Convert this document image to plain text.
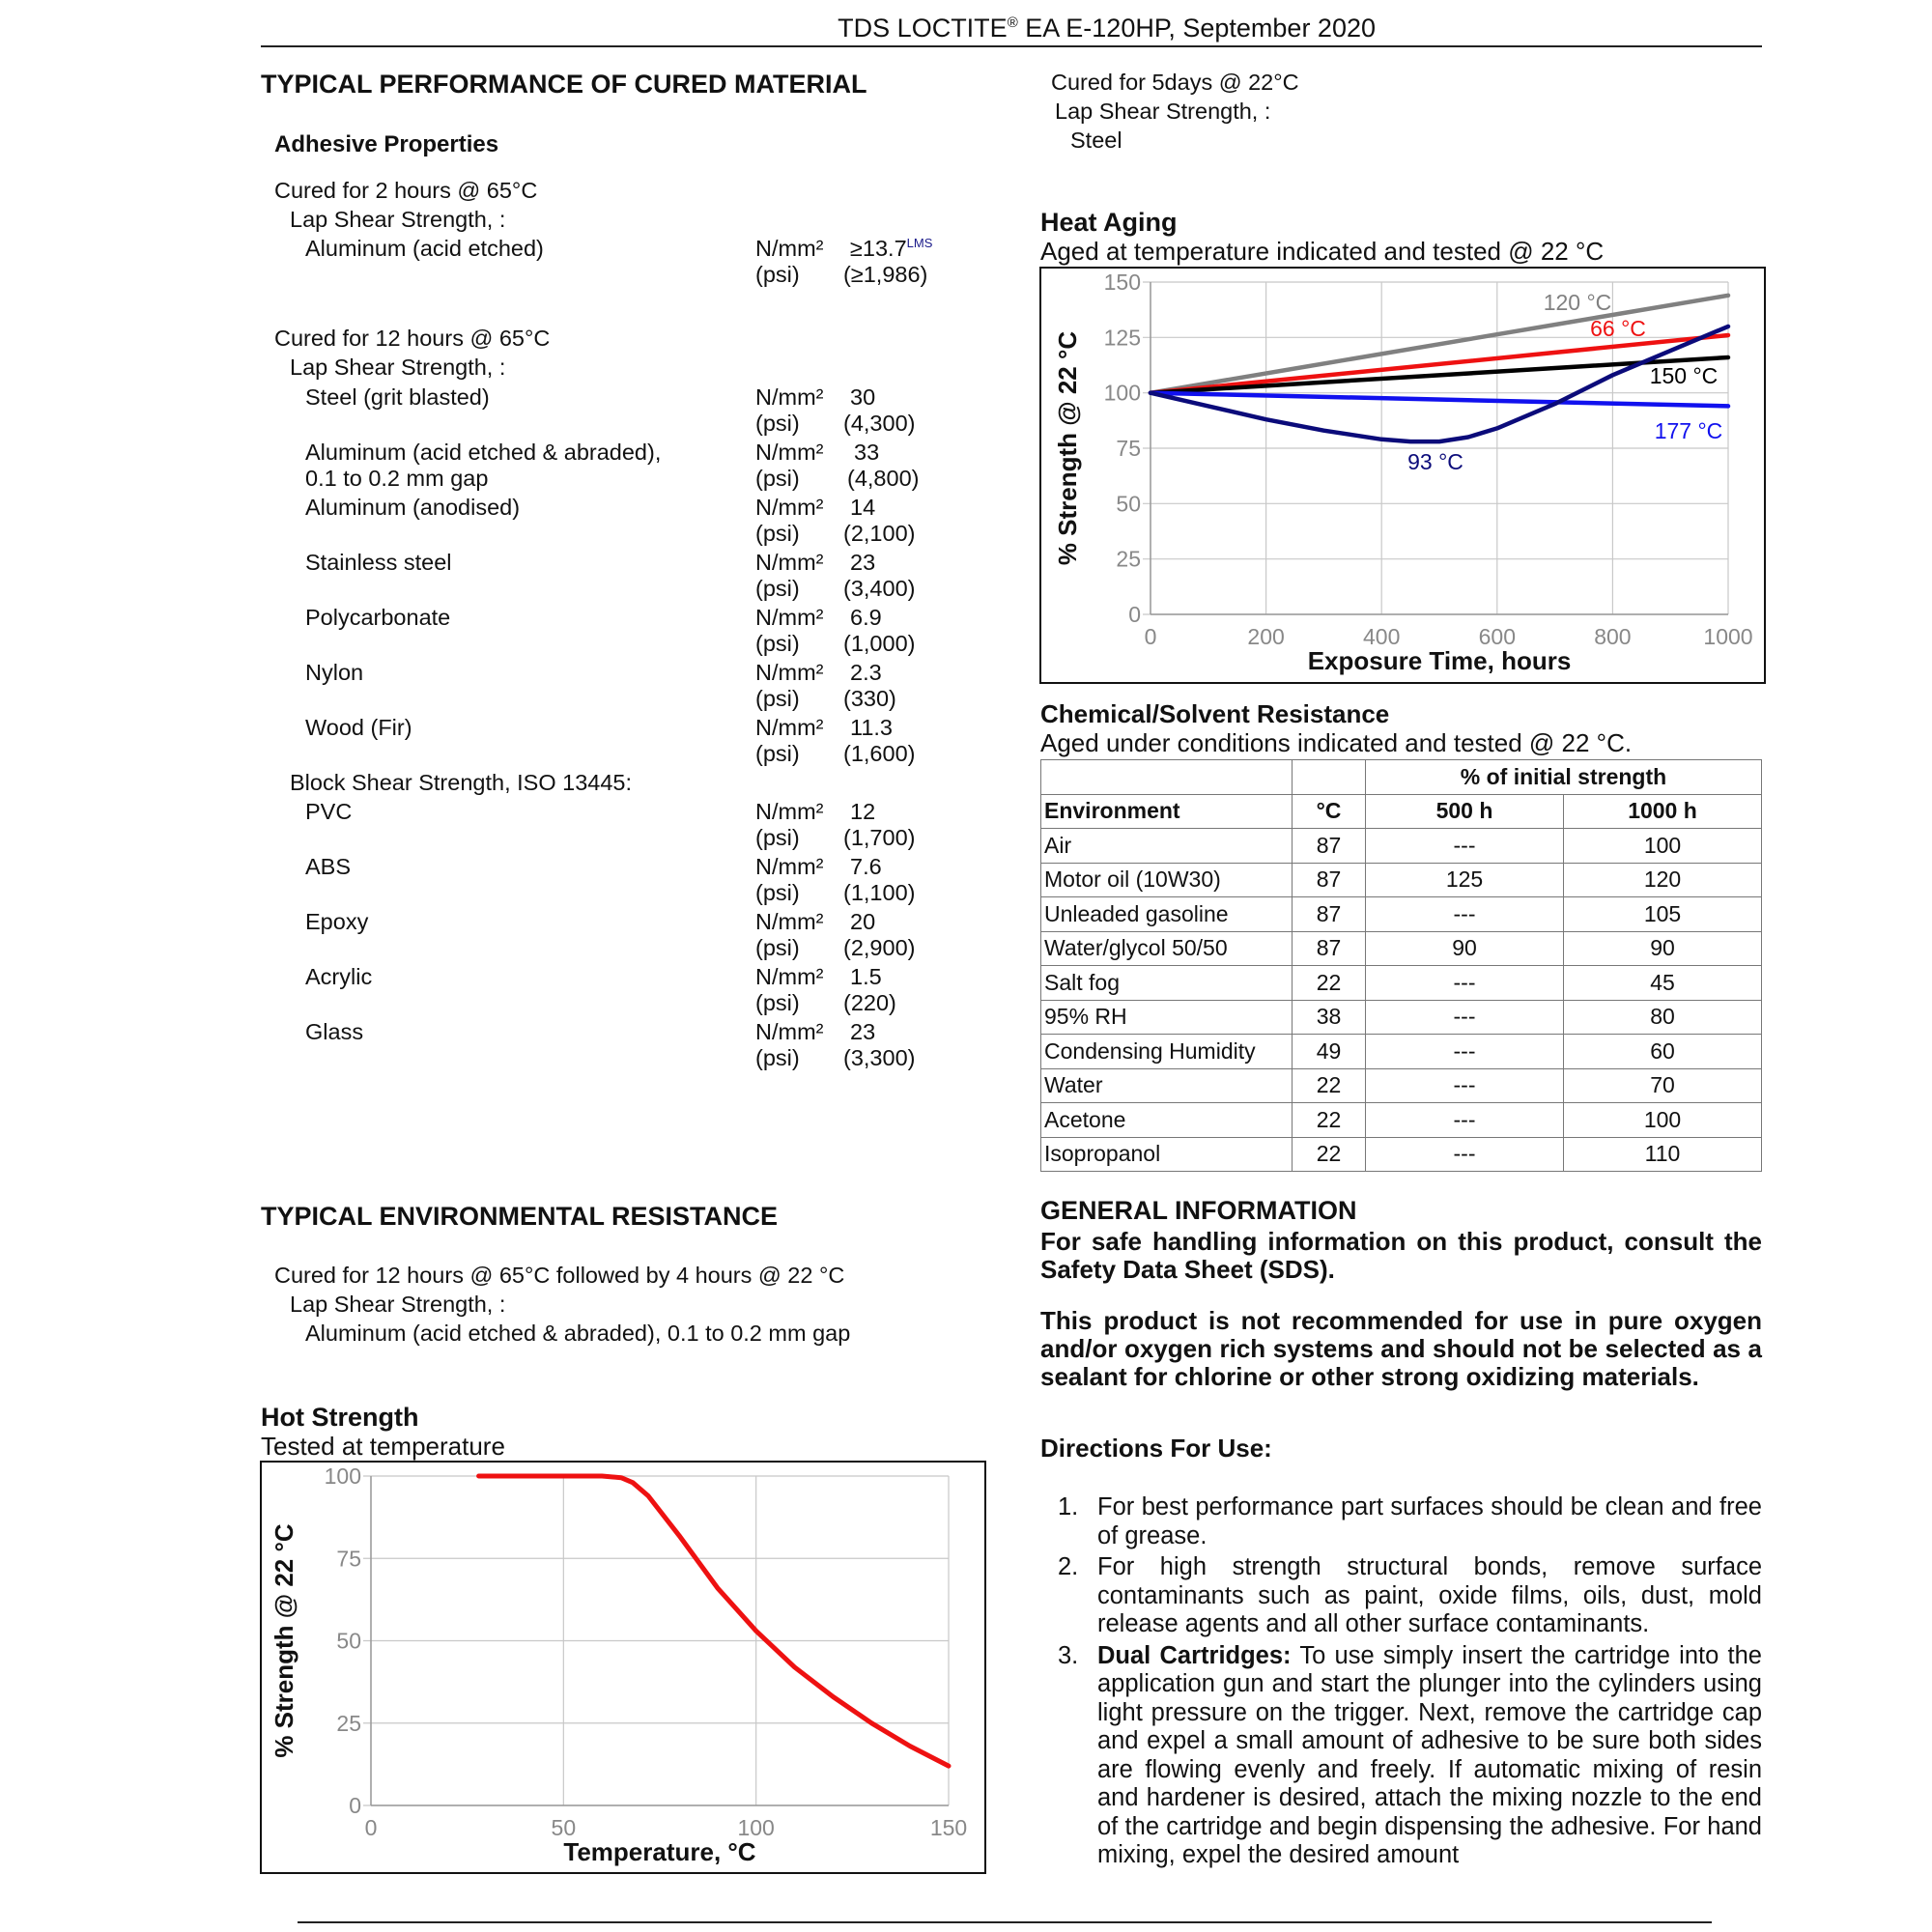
TDS LOCTITE® EA E-120HP, September 2020
TYPICAL PERFORMANCE OF CURED MATERIAL
Adhesive Properties
Cured for 2 hours @ 65°C
Lap Shear Strength, :
Aluminum (acid etched)	$N/mm^2 \ge 13.7^{LMS}$
(psi) (≥1,986)
Cured for 12 hours @ 65°C
Lap Shear Strength, :
Steel (grit blasted)	N/mm² 30
(psi) (4,300)
Aluminum (acid etched & abraded),
0.1 to 0.2 mm gap
N/mm² 33
(psi) (4,800)
Aluminum (anodised)	N/mm² 14
(psi) (2,100)
Stainless steel	N/mm² 23
(psi) (3,400)
Polycarbonate	N/mm² 6.9
(psi) (1,000)
Nylon	N/mm² 2.3
(psi) (330)
Wood (Fir)	N/mm² 11.3
(psi) (1,600)
Block Shear Strength, ISO 13445:
PVC	N/mm² 12
(psi) (1,700)
ABS	N/mm² 7.6
(psi) (1,100)
Epoxy	N/mm² 20
(psi) (2,900)
Acrylic	N/mm² 1.5
(psi) (220)
Glass	N/mm² 23
(psi) (3,300)
TYPICAL ENVIRONMENTAL RESISTANCE
Cured for 12 hours @ 65°C followed by 4 hours @ 22 °C
Lap Shear Strength, :
Aluminum (acid etched & abraded), 0.1 to 0.2 mm gap
Hot Strength
Tested at temperature
0	50	100	150
0
25
50
75
100
Temperature, °C
% Strength @ 22 °C
Cured for 5days @ 22°C
Lap Shear Strength, :
Steel
Heat Aging
Aged at temperature indicated and tested @ 22 °C
0	200	400	600	800	1000
0
25
50
75
100
125
150
Exposure Time, hours
% Strength @ 22 °C
120 °C
66 °C
150 °C
177 °C
93 °C
Chemical/Solvent Resistance
Aged under conditions indicated and tested @ 22 °C.
		% of initial strength	
Environment	°C	500 h	1000 h
Air	87	---	100
Motor oil (10W30)	87	125	120
Unleaded gasoline	87	---	105
Water/glycol 50/50	87	90	90
Salt fog	22	---	45
95% RH	38	---	80
Condensing Humidity	49	---	60
Water	22	---	70
Acetone	22	---	100
Isopropanol	22	---	110
GENERAL INFORMATION
For safe handling information on this product, consult the Safety Data Sheet (SDS).
This product is not recommended for use in pure oxygen and/or oxygen rich systems and should not be selected as a sealant for chlorine or other strong oxidizing materials.
Directions For Use:
1. For best performance part surfaces should be clean and free of grease.
2. For high strength structural bonds, remove surface contaminants such as paint, oxide films, oils, dust, mold release agents and all other surface contaminants.
3. Dual Cartridges: To use simply insert the cartridge into the application gun and start the plunger into the cylinders using light pressure on the trigger. Next, remove the cartridge cap and expel a small amount of adhesive to be sure both sides are flowing evenly and freely. If automatic mixing of resin and hardener is desired, attach the mixing nozzle to the end of the cartridge and begin dispensing the adhesive. For hand mixing, expel the desired amount
